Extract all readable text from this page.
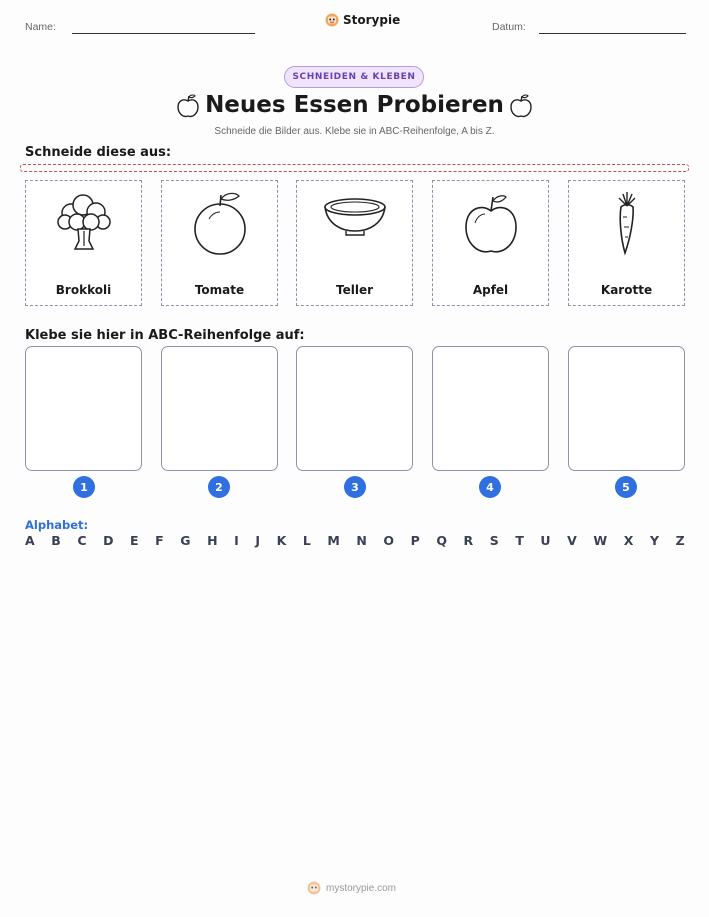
Name:	Storypie	Datum:
SCHNEIDEN & KLEBEN
Neues Essen Probieren
Schneide die Bilder aus. Klebe sie in ABC-Reihenfolge, A bis Z.
Schneide diese aus:
Brokkoli	Tomate	Teller	Apfel	Karotte
Klebe sie hier in ABC-Reihenfolge auf:
1	2	3	4	5
Alphabet:
A B C D E F G H I J K L M N O P Q R S T U V W X Y Z
mystorypie.com
